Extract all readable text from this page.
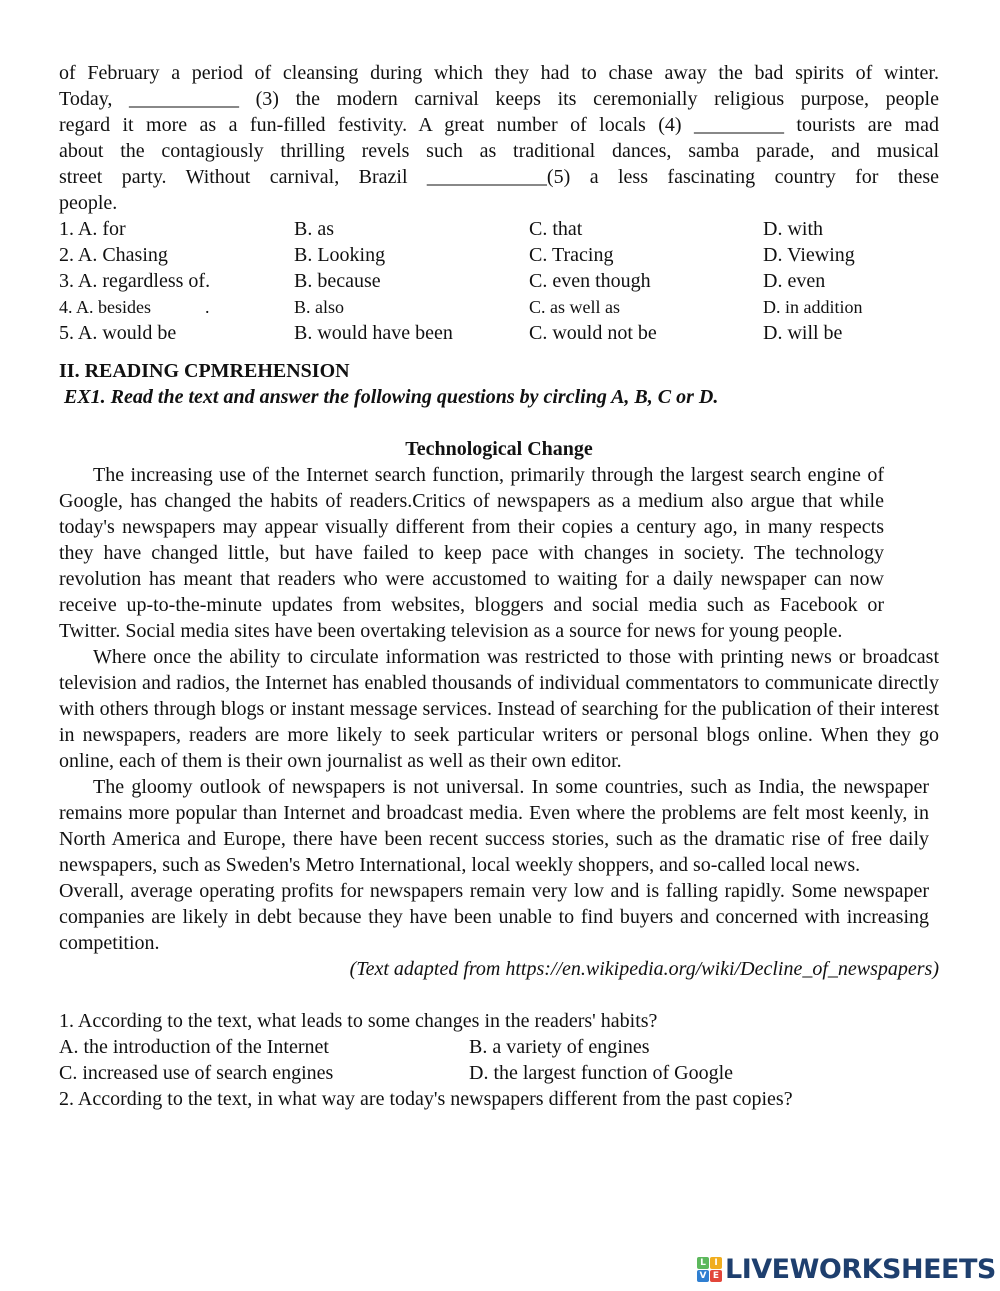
of February a period of cleansing during which they had to chase away the bad spirits of winter.
Today, ___________ (3) the modern carnival keeps its ceremonially religious purpose, people
regard it more as a fun-filled festivity. A great number of locals (4) _________ tourists are mad
about the contagiously thrilling revels such as traditional dances, samba parade, and musical
street party. Without carnival, Brazil ____________(5) a less fascinating country for these
people.
1. A. for	B. as	C. that	D. with
2. A. Chasing	B. Looking	C. Tracing	D. Viewing
3. A. regardless of.	B. because	C. even though	D. even
4. A. besides            .	B. also	C. as well as	D. in addition
5. A. would be	B. would have been	C. would not be	D. will be
II. READING CPMREHENSION
EX1. Read the text and answer the following questions by circling A, B, C or D.
Technological Change
The increasing use of the Internet search function, primarily through the largest search engine of Google, has changed the habits of readers.Critics of newspapers as a medium also argue that while today's newspapers may appear visually different from their copies a century ago, in many respects they have changed little, but have failed to keep pace with changes in society. The technology revolution has meant that readers who were accustomed to waiting for a daily newspaper can now receive up-to-the-minute updates from websites, bloggers and social media such as Facebook or Twitter. Social media sites have been overtaking television as a source for news for young people.
Where once the ability to circulate information was restricted to those with printing news or broadcast television and radios, the Internet has enabled thousands of individual commentators to communicate directly with others through blogs or instant message services. Instead of searching for the publication of their interest in newspapers, readers are more likely to seek particular writers or personal blogs online. When they go online, each of them is their own journalist as well as their own editor.
The gloomy outlook of newspapers is not universal. In some countries, such as India, the newspaper remains more popular than Internet and broadcast media. Even where the problems are felt most keenly, in North America and Europe, there have been recent success stories, such as the dramatic rise of free daily newspapers, such as Sweden's Metro International, local weekly shoppers, and so-called local news.
Overall, average operating profits for newspapers remain very low and is falling rapidly. Some newspaper companies are likely in debt because they have been unable to find buyers and concerned with increasing competition.
(Text adapted from https://en.wikipedia.org/wiki/Decline_of_newspapers)
1. According to the text, what leads to some changes in the readers' habits?
A. the introduction of the Internet	B. a variety of engines
C. increased use of search engines	D. the largest function of Google
2. According to the text, in what way are today's newspapers different from the past copies?
L I
V E LIVEWORKSHEETS
